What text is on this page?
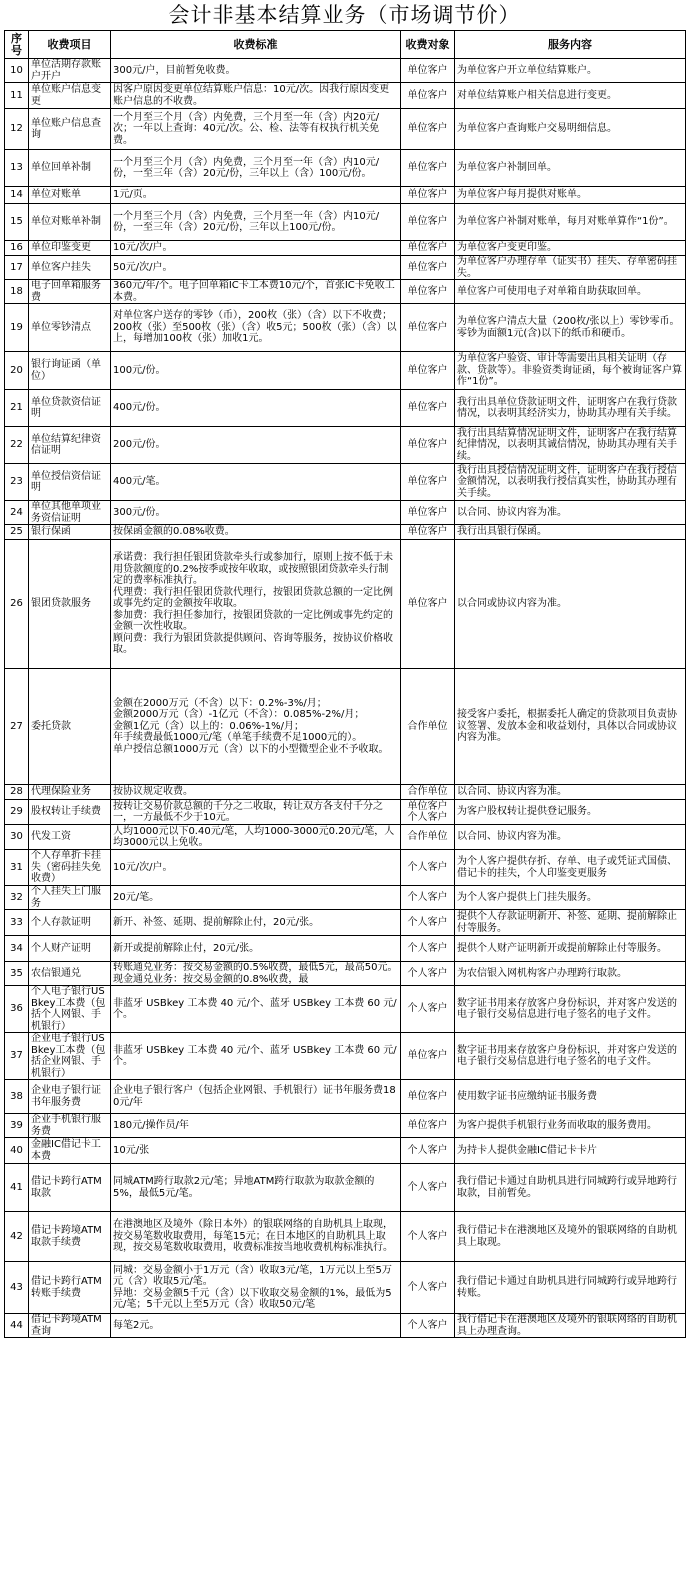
会计非基本结算业务（市场调节价）
序号	收费项目	收费标准	收费对象	服务内容
10	单位活期存款账户开户	300元/户，目前暂免收费。	单位客户	为单位客户开立单位结算账户。
11	单位账户信息变更	因客户原因变更单位结算账户信息：10元/次。因我行原因变更账户信息的不收费。	单位客户	对单位结算账户相关信息进行变更。
12	单位账户信息查询	一个月至三个月（含）内免费，三个月至一年（含）内20元/次；一年以上查询：40元/次。公、检、法等有权执行机关免费。	单位客户	为单位客户查询账户交易明细信息。
13	单位回单补制	一个月至三个月（含）内免费，三个月至一年（含）内10元/份，一至三年（含）20元/份，三年以上（含）100元/份。	单位客户	为单位客户补制回单。
14	单位对账单	1元/页。	单位客户	为单位客户每月提供对账单。
15	单位对账单补制	一个月至三个月（含）内免费，三个月至一年（含）内10元/份，一至三年（含）20元/份，三年以上100元/份。	单位客户	为单位客户补制对账单，每月对账单算作“1份”。
16	单位印鉴变更	10元/次/户。	单位客户	为单位客户变更印鉴。
17	单位客户挂失	50元/次/户。	单位客户	为单位客户办理存单（证实书）挂失、存单密码挂失。
18	电子回单箱服务费	360元/年/个。电子回单箱IC卡工本费10元/个，首张IC卡免收工本费。	单位客户	单位客户可使用电子对单箱自助获取回单。
19	单位零钞清点	对单位客户送存的零钞（币），200枚（张）（含）以下不收费；200枚（张）至500枚（张）（含）收5元；500枚（张）（含）以上，每增加100枚（张）加收1元。	单位客户	为单位客户清点大量（200枚/张以上）零钞零币。零钞为面额1元(含)以下的纸币和硬币。
20	银行询证函（单位）	100元/份。	单位客户	为单位客户验资、审计等需要出具相关证明（存款、贷款等）。非验资类询证函，每个被询证客户算作“1份”。
21	单位贷款资信证明	400元/份。	单位客户	我行出具单位贷款证明文件，证明客户在我行贷款情况，以表明其经济实力，协助其办理有关手续。
22	单位结算纪律资信证明	200元/份。	单位客户	我行出具结算情况证明文件，证明客户在我行结算纪律情况，以表明其诚信情况，协助其办理有关手续。
23	单位授信资信证明	400元/笔。	单位客户	我行出具授信情况证明文件，证明客户在我行授信金额情况，以表明我行授信真实性，协助其办理有关手续。
24	单位其他单项业务资信证明	300元/份。	单位客户	以合同、协议内容为准。
25	银行保函	按保函金额的0.08%收费。	单位客户	我行出具银行保函。
26	银团贷款服务	承诺费：我行担任银团贷款牵头行或参加行，原则上按不低于未用贷款额度的0.2%按季或按年收取，或按照银团贷款牵头行制定的费率标准执行。
代理费：我行担任银团贷款代理行，按银团贷款总额的一定比例或事先约定的金额按年收取。
参加费：我行担任参加行，按银团贷款的一定比例或事先约定的金额一次性收取。
顾问费：我行为银团贷款提供顾问、咨询等服务，按协议价格收取。	单位客户	以合同或协议内容为准。
27	委托贷款	金额在2000万元（不含）以下：0.2%-3%/月；
金额2000万元（含）-1亿元（不含）：0.085%-2%/月；
金额1亿元（含）以上的：0.06%-1%/月；
年手续费最低1000元/笔（单笔手续费不足1000元的）。
单户授信总额1000万元（含）以下的小型微型企业不予收取。	合作单位	接受客户委托，根据委托人确定的贷款项目负责协议签署、发放本金和收益划付，具体以合同或协议内容为准。
28	代理保险业务	按协议规定收费。	合作单位	以合同、协议内容为准。
29	股权转让手续费	按转让交易价款总额的千分之二收取，转让双方各支付千分之一，一方最低不少于10元。	单位客户 个人客户	为客户股权转让提供登记服务。
30	代发工资	人均1000元以下0.40元/笔，人均1000-3000元0.20元/笔，人均3000元以上免收。	合作单位	以合同、协议内容为准。
31	个人存单折卡挂失（密码挂失免收费）	10元/次/户。	个人客户	为个人客户提供存折、存单、电子或凭证式国债、借记卡的挂失，个人印鉴变更服务
32	个人挂失上门服务	20元/笔。	个人客户	为个人客户提供上门挂失服务。
33	个人存款证明	新开、补签、延期、提前解除止付，20元/张。	个人客户	提供个人存款证明新开、补签、延期、提前解除止付等服务。
34	个人财产证明	新开或提前解除止付，20元/张。	个人客户	提供个人财产证明新开或提前解除止付等服务。
35	农信银通兑	转账通兑业务：按交易金额的0.5%收费，最低5元，最高50元。现金通兑业务：按交易金额的0.8%收费，最	个人客户	为农信银入网机构客户办理跨行取款。
36	个人电子银行USBkey工本费（包括个人网银、手机银行）	非蓝牙 USBkey 工本费 40 元/个、蓝牙 USBkey 工本费 60 元/个。	个人客户	数字证书用来存放客户身份标识，并对客户发送的电子银行交易信息进行电子签名的电子文件。
37	企业电子银行USBkey工本费（包括企业网银、手机银行）	非蓝牙 USBkey 工本费 40 元/个、蓝牙 USBkey 工本费 60 元/个。	单位客户	数字证书用来存放客户身份标识，并对客户发送的电子银行交易信息进行电子签名的电子文件。
38	企业电子银行证书年服务费	企业电子银行客户（包括企业网银、手机银行）证书年服务费180元/年	单位客户	使用数字证书应缴纳证书服务费
39	企业手机银行服务费	180元/操作员/年	单位客户	为客户提供手机银行业务而收取的服务费用。
40	金融IC借记卡工本费	10元/张	个人客户	为持卡人提供金融IC借记卡卡片
41	借记卡跨行ATM取款	同城ATM跨行取款2元/笔；异地ATM跨行取款为取款金额的5%，最低5元/笔。	个人客户	我行借记卡通过自助机具进行同城跨行或异地跨行取款，目前暂免。
42	借记卡跨境ATM取款手续费	在港澳地区及境外（除日本外）的银联网络的自助机具上取现，按交易笔数收取费用，每笔15元；在日本地区的自助机具上取现，按交易笔数收取费用，收费标准按当地收费机构标准执行。	个人客户	我行借记卡在港澳地区及境外的银联网络的自助机具上取现。
43	借记卡跨行ATM转账手续费	同城：交易金额小于1万元（含）收取3元/笔，1万元以上至5万元（含）收取5元/笔。
异地：交易金额5千元（含）以下收取交易金额的1%，最低为5元/笔；5千元以上至5万元（含）收取50元/笔	个人客户	我行借记卡通过自助机具进行同城跨行或异地跨行转账。
44	借记卡跨境ATM查询	每笔2元。	个人客户	我行借记卡在港澳地区及境外的银联网络的自助机具上办理查询。
